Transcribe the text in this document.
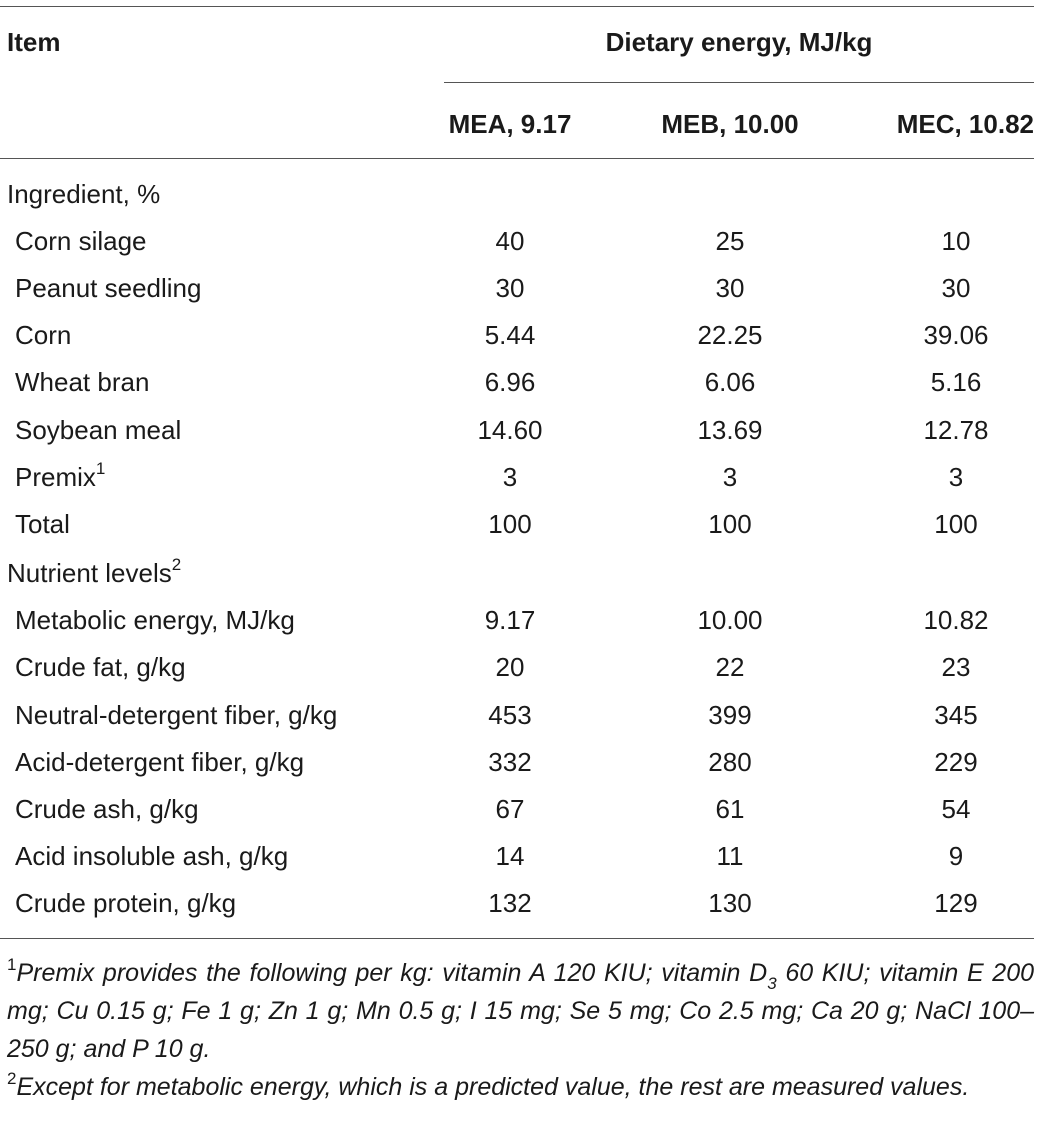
Item	Dietary energy, MJ/kg
MEA, 9.17	MEB, 10.00	MEC, 10.82
Ingredient, %
Corn silage	40	25	10
Peanut seedling	30	30	30
Corn	5.44	22.25	39.06
Wheat bran	6.96	6.06	5.16
Soybean meal	14.60	13.69	12.78
Premix$^1$	3	3	3
Total	100	100	100
Nutrient levels$^2$
Metabolic energy, MJ/kg	9.17	10.00	10.82
Crude fat, g/kg	20	22	23
Neutral-detergent fiber, g/kg	453	399	345
Acid-detergent fiber, g/kg	332	280	229
Crude ash, g/kg	67	61	54
Acid insoluble ash, g/kg	14	11	9
Crude protein, g/kg	132	130	129
$^1$Premix provides the following per kg: vitamin A 120 KIU; vitamin $D_3$ 60 KIU; vitamin E 200 mg; Cu 0.15 g; Fe 1 g; Zn 1 g; Mn 0.5 g; I 15 mg; Se 5 mg; Co 2.5 mg; Ca 20 g; NaCl 100–250 g; and P 10 g.
$^2$Except for metabolic energy, which is a predicted value, the rest are measured values.
